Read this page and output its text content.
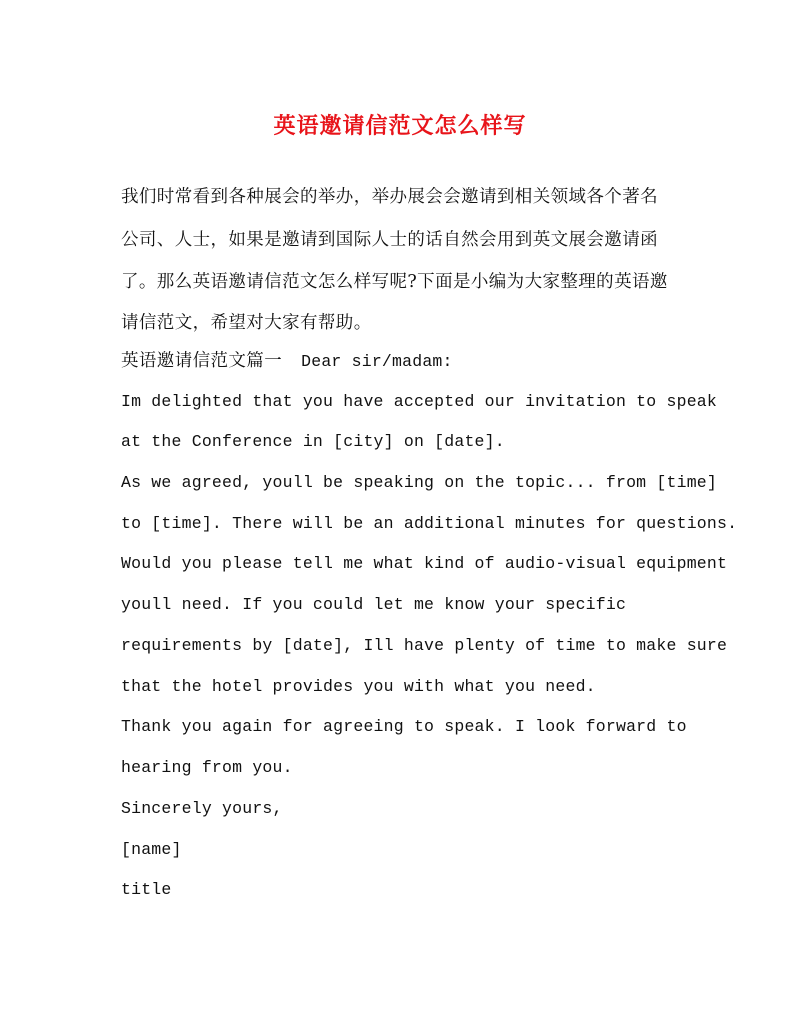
英语邀请信范文怎么样写
我们时常看到各种展会的举办，举办展会会邀请到相关领域各个著名
公司、人士，如果是邀请到国际人士的话自然会用到英文展会邀请函
了。那么英语邀请信范文怎么样写呢?下面是小编为大家整理的英语邀
请信范文，希望对大家有帮助。
英语邀请信范文篇一 Dear sir/madam:
Im delighted that you have accepted our invitation to speak
at the Conference in [city] on [date].
As we agreed, youll be speaking on the topic... from [time]
to [time]. There will be an additional minutes for questions.
Would you please tell me what kind of audio-visual equipment
youll need. If you could let me know your specific
requirements by [date], Ill have plenty of time to make sure
that the hotel provides you with what you need.
Thank you again for agreeing to speak. I look forward to
hearing from you.
Sincerely yours,
[name]
title
